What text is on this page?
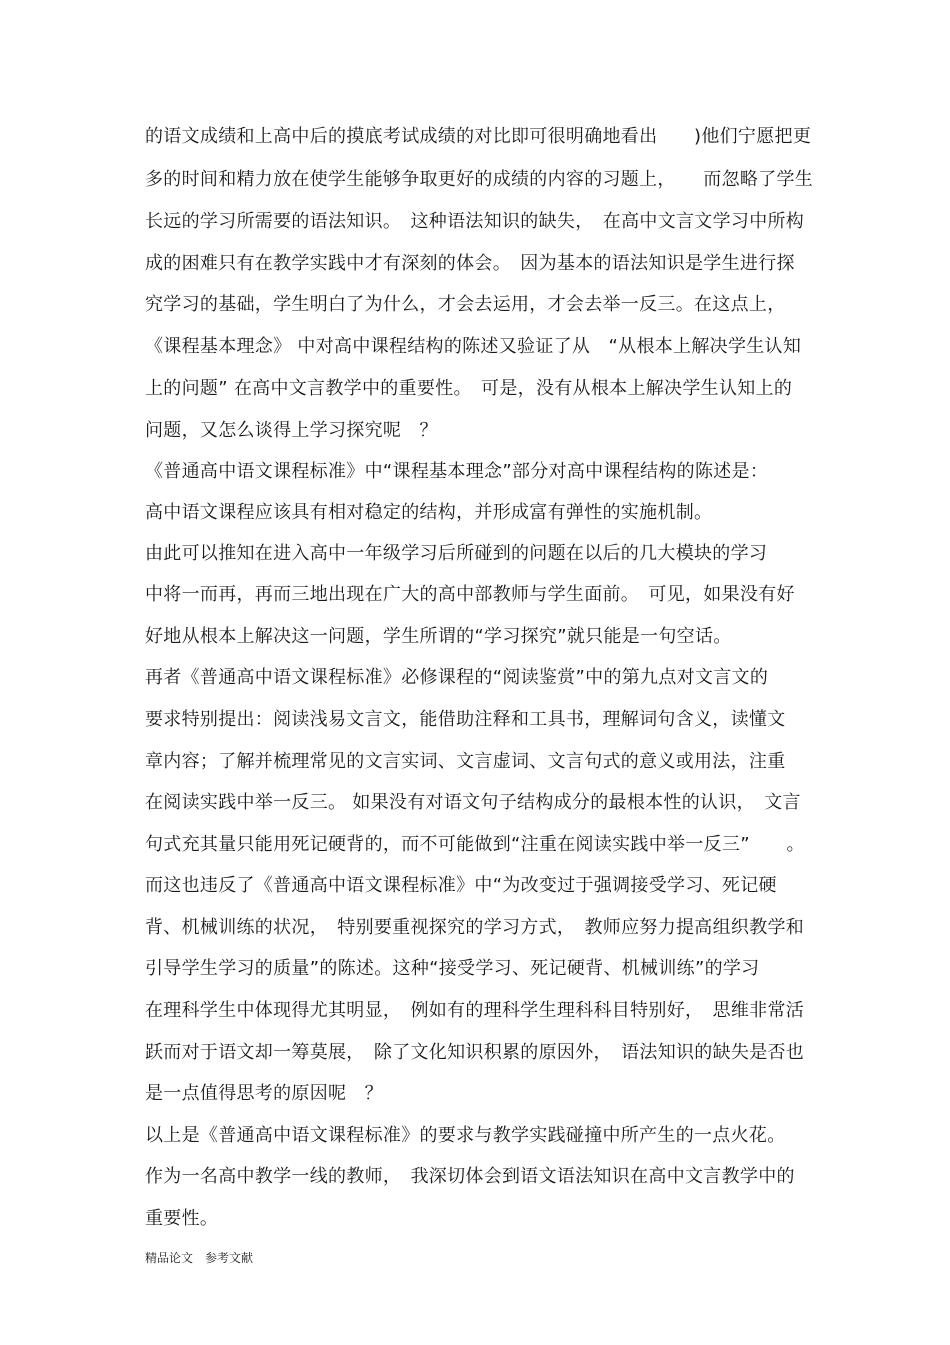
的语文成绩和上高中后的摸底考试成绩的对比即可很明确地看出　　)他们宁愿把更
多的时间和精力放在使学生能够争取更好的成绩的内容的习题上，　　而忽略了学生
长远的学习所需要的语法知识。　这种语法知识的缺失，　在高中文言文学习中所构
成的困难只有在教学实践中才有深刻的体会。　因为基本的语法知识是学生进行探
究学习的基础，学生明白了为什么，才会去运用，才会去举一反三。在这点上，
《课程基本理念》 中对高中课程结构的陈述又验证了从　“从根本上解决学生认知
上的问题” 在高中文言教学中的重要性。　可是，没有从根本上解决学生认知上的
问题，又怎么谈得上学习探究呢　？
《普通高中语文课程标准》中“课程基本理念”部分对高中课程结构的陈述是：
高中语文课程应该具有相对稳定的结构，并形成富有弹性的实施机制。
由此可以推知在进入高中一年级学习后所碰到的问题在以后的几大模块的学习
中将一而再，再而三地出现在广大的高中部教师与学生面前。　可见，如果没有好
好地从根本上解决这一问题，学生所谓的“学习探究”就只能是一句空话。
再者《普通高中语文课程标准》必修课程的“阅读鉴赏”中的第九点对文言文的
要求特别提出：阅读浅易文言文，能借助注释和工具书，理解词句含义，读懂文
章内容；了解并梳理常见的文言实词、文言虚词、文言句式的意义或用法，注重
在阅读实践中举一反三。 如果没有对语文句子结构成分的最根本性的认识，　文言
句式充其量只能用死记硬背的，而不可能做到“注重在阅读实践中举一反三”　　。
而这也违反了《普通高中语文课程标准》中“为改变过于强调接受学习、死记硬
背、机械训练的状况，　特别要重视探究的学习方式，　教师应努力提高组织教学和
引导学生学习的质量”的陈述。这种“接受学习、死记硬背、机械训练”的学习
在理科学生中体现得尤其明显，　例如有的理科学生理科科目特别好，　思维非常活
跃而对于语文却一筹莫展，　除了文化知识积累的原因外，　语法知识的缺失是否也
是一点值得思考的原因呢　？
以上是《普通高中语文课程标准》的要求与教学实践碰撞中所产生的一点火花。
作为一名高中教学一线的教师，　我深切体会到语文语法知识在高中文言教学中的
重要性。
精品论文　参考文献
